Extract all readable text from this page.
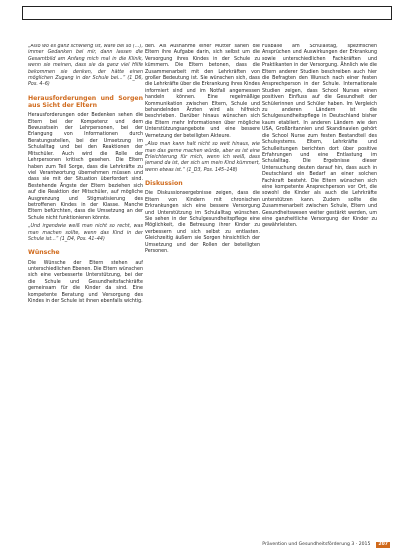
„Also wo es ganz schwierig ist, wäre bei so (…), immer Gedanken bei mir, dann lassen die Gesamtbild am Anfang mich mal in die Klinik, wenn sie meinen, dass sie da ganz viel Hilfe bekommen sie denken, der hätte einen möglichen Zugang in der Schule bei...“ (1_D6, Pos. 4–6)

Herausforderungen und Sorgen aus Sicht der Eltern

Herausforderungen oder Bedenken sehen die Eltern bei der Kompetenz und dem Bewusstsein der Lehrpersonen, bei der Erlangung von Informationen durch Beratungsstellen, bei der Umsetzung im Schulalltag und bei den Reaktionen der Mitschüler. Auch wird die Rolle der Lehrpersonen kritisch gesehen. Die Eltern haben zum Teil Sorge, dass die Lehrkräfte zu viel Verantwortung übernehmen müssen und dass sie mit der Situation überfordert sind. Bestehende Ängste der Eltern beziehen sich auf die Reaktion der Mitschüler, auf mögliche Ausgrenzung und Stigmatisierung des betroffenen Kindes in der Klasse. Manche Eltern befürchten, dass die Umsetzung an der Schule nicht funktionieren könnte.

„Und irgendwie weiß man nicht so recht, was man machen sollte, wenn das Kind in der Schule ist...“ (1_D4, Pos. 41–44)

Wünsche

Die Wünsche der Eltern stehen auf unterschiedlichen Ebenen. Die Eltern wünschen sich eine verbesserte Unterstützung, bei der die Schule und Gesundheitsfachkräfte gemeinsam für die Kinder da sind. Eine kompetente Beratung und Versorgung des Kindes in der Schule ist ihnen ebenfalls wichtig.

den. Als Ausnahme einer Mutter sahen die Eltern ihre Aufgabe darin, sich selbst um die Versorgung ihres Kindes in der Schule zu kümmern. Die Eltern betonen, dass die Zusammenarbeit mit den Lehrkräften von großer Bedeutung ist. Sie wünschen sich, dass die Lehrkräfte über die Erkrankung ihres Kindes informiert sind und im Notfall angemessen handeln können. Eine regelmäßige Kommunikation zwischen Eltern, Schule und behandelnden Ärzten wird als hilfreich beschrieben. Darüber hinaus wünschen sich die Eltern mehr Informationen über mögliche Unterstützungsangebote und eine bessere Vernetzung der beteiligten Akteure.

„Also man kann halt nicht so weit hinaus, wie man das gerne machen würde, aber es ist eine Erleichterung für mich, wenn ich weiß, dass jemand da ist, der sich um mein Kind kümmert, wenn etwas ist.“ (1_D3, Pos. 145–148)

Diskussion

Die Diskussionsergebnisse zeigen, dass die Eltern von Kindern mit chronischen Erkrankungen sich eine bessere Versorgung und Unterstützung im Schulalltag wünschen. Sie sehen in der Schulgesundheitspflege eine Möglichkeit, die Betreuung ihrer Kinder zu verbessern und sich selbst zu entlasten. Gleichzeitig äußern sie Sorgen hinsichtlich der Umsetzung und der Rollen der beteiligten Personen.

Fußbälle am Schulalltag, spezifischen Ansprüchen und Auswirkungen der Erkrankung sowie unterschiedlichen Fachkräften und Praktikanten in der Versorgung. Ähnlich wie die Eltern anderer Studien beschreiben auch hier die Befragten den Wunsch nach einer festen Ansprechperson in der Schule. Internationale Studien zeigen, dass School Nurses einen positiven Einfluss auf die Gesundheit der Schülerinnen und Schüler haben. Im Vergleich zu anderen Ländern ist die Schulgesundheitspflege in Deutschland bisher kaum etabliert. In anderen Ländern wie den USA, Großbritannien und Skandinavien gehört die School Nurse zum festen Bestandteil des Schulsystems. Eltern, Lehrkräfte und Schulleitungen berichten dort über positive Erfahrungen und eine Entlastung im Schulalltag. Die Ergebnisse dieser Untersuchung deuten darauf hin, dass auch in Deutschland ein Bedarf an einer solchen Fachkraft besteht. Die Eltern wünschen sich eine kompetente Ansprechperson vor Ort, die sowohl die Kinder als auch die Lehrkräfte unterstützen kann. Zudem sollte die Zusammenarbeit zwischen Schule, Eltern und Gesundheitswesen weiter gestärkt werden, um eine ganzheitliche Versorgung der Kinder zu gewährleisten.

Prävention und Gesundheitsförderung 3 · 2015 207
